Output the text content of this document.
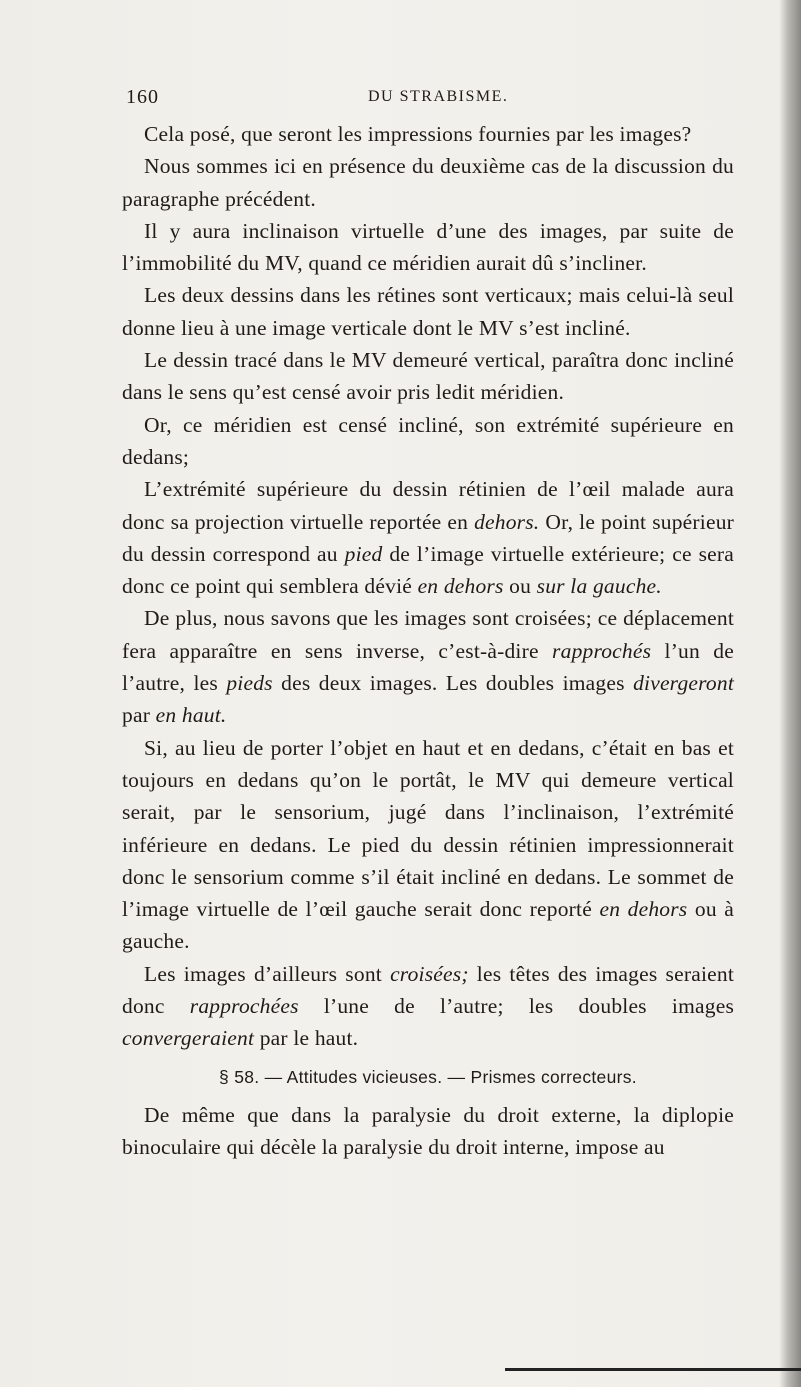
160	DU STRABISME.

Cela posé, que seront les impressions fournies par les images?

Nous sommes ici en présence du deuxième cas de la discussion du paragraphe précédent.

Il y aura inclinaison virtuelle d’une des images, par suite de l’immobilité du MV, quand ce méridien aurait dû s’incliner.

Les deux dessins dans les rétines sont verticaux; mais celui-là seul donne lieu à une image verticale dont le MV s’est incliné.

Le dessin tracé dans le MV demeuré vertical, paraîtra donc incliné dans le sens qu’est censé avoir pris ledit méridien.

Or, ce méridien est censé incliné, son extrémité supérieure en dedans;

L’extrémité supérieure du dessin rétinien de l’œil malade aura donc sa projection virtuelle reportée en dehors. Or, le point supérieur du dessin correspond au pied de l’image virtuelle extérieure; ce sera donc ce point qui semblera dévié en dehors ou sur la gauche.

De plus, nous savons que les images sont croisées; ce déplacement fera apparaître en sens inverse, c’est-à-dire rapprochés l’un de l’autre, les pieds des deux images. Les doubles images divergeront par en haut.

Si, au lieu de porter l’objet en haut et en dedans, c’était en bas et toujours en dedans qu’on le portât, le MV qui demeure vertical serait, par le sensorium, jugé dans l’inclinaison, l’extrémité inférieure en dedans. Le pied du dessin rétinien impressionnerait donc le sensorium comme s’il était incliné en dedans. Le sommet de l’image virtuelle de l’œil gauche serait donc reporté en dehors ou à gauche.

Les images d’ailleurs sont croisées; les têtes des images seraient donc rapprochées l’une de l’autre; les doubles images convergeraient par le haut.

§ 58. — Attitudes vicieuses. — Prismes correcteurs.

De même que dans la paralysie du droit externe, la diplopie binoculaire qui décèle la paralysie du droit interne, impose au
